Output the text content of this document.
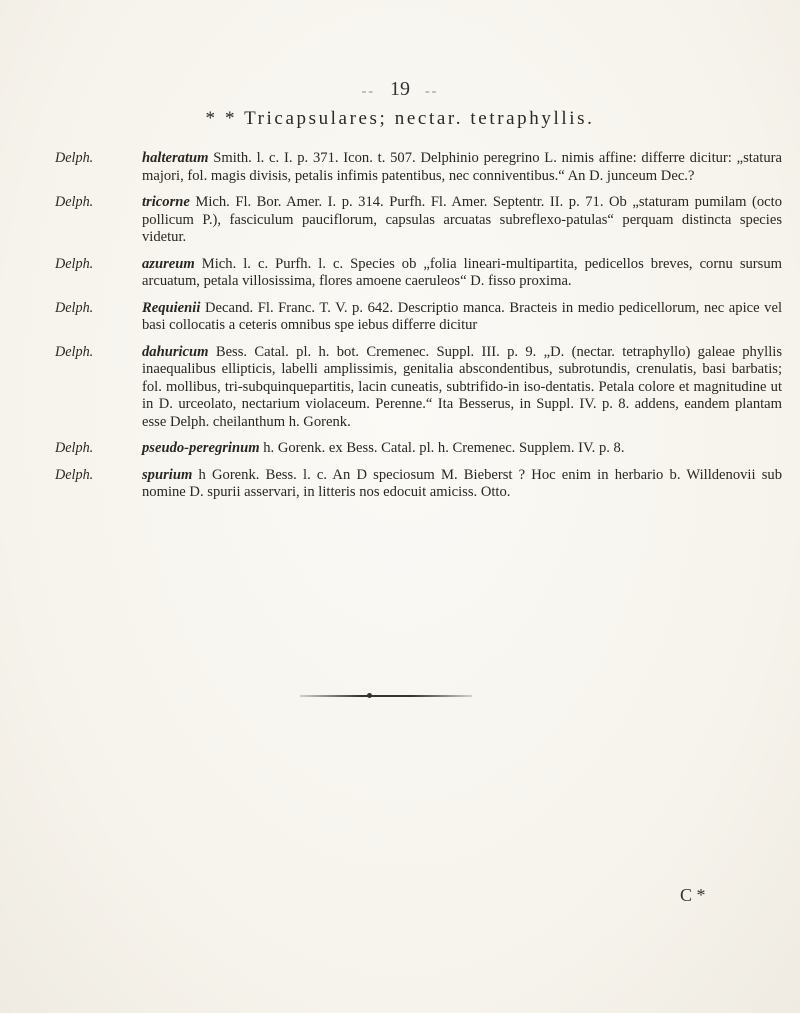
-- 19 --
* * Tricapsulares; nectar. tetraphyllis.
Delph.	halteratum Smith. l. c. I. p. 371. Icon. t. 507. Delphinio peregrino L. nimis affine: differre dicitur: „statura majori, fol. magis divisis, petalis infimis patentibus, nec conniventibus.“ An D. junceum Dec.?
Delph.	tricorne Mich. Fl. Bor. Amer. I. p. 314. Purfh. Fl. Amer. Septentr. II. p. 71. Ob „staturam pumilam (octo pollicum P.), fasciculum pauciflorum, capsulas arcuatas subreflexo-patulas“ perquam distincta species videtur.
Delph.	azureum Mich. l. c. Purfh. l. c. Species ob „folia lineari-multipartita, pedicellos breves, cornu sursum arcuatum, petala villosissima, flores amoene caeruleos“ D. fisso proxima.
Delph.	Requienii Decand. Fl. Franc. T. V. p. 642. Descriptio manca. Bracteis in medio pedicellorum, nec apice vel basi collocatis a ceteris omnibus spe iebus differre dicitur
Delph.	dahuricum Bess. Catal. pl. h. bot. Cremenec. Suppl. III. p. 9. „D. (nectar. tetraphyllo) galeae phyllis inaequalibus ellipticis, labelli amplissimis, genitalia abscondentibus, subrotundis, crenulatis, basi barbatis; fol. mollibus, tri-subquinquepartitis, lacin cuneatis, subtrifido-in iso-dentatis. Petala colore et magnitudine ut in D. urceolato, nectarium violaceum. Perenne.“ Ita Besserus, in Suppl. IV. p. 8. addens, eandem plantam esse Delph. cheilanthum h. Gorenk.
Delph.	pseudo-peregrinum h. Gorenk. ex Bess. Catal. pl. h. Cremenec. Supplem. IV. p. 8.
Delph.	spurium h Gorenk. Bess. l. c. An D speciosum M. Bieberst ? Hoc enim in herbario b. Willdenovii sub nomine D. spurii asservari, in litteris nos edocuit amiciss. Otto.
C *
